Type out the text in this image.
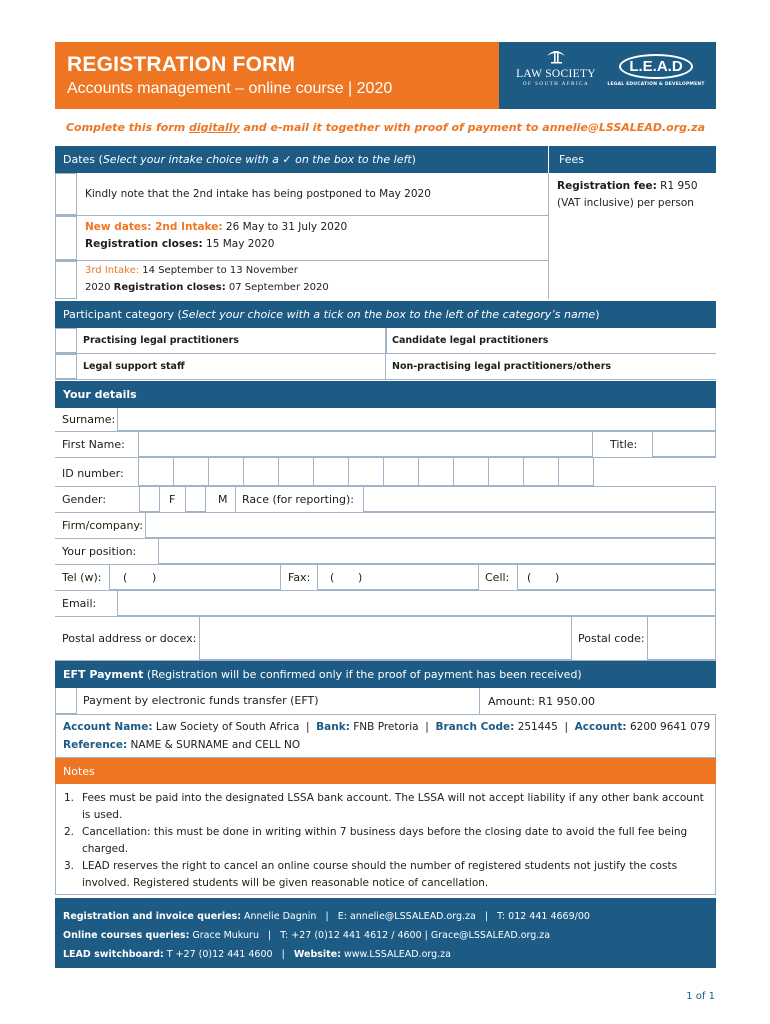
REGISTRATION FORM
Accounts management – online course | 2020
LAW SOCIETY
OF SOUTH AFRICA
L.E.A.D
LEGAL EDUCATION & DEVELOPMENT
Complete this form digitally and e-mail it together with proof of payment to annelie@LSSALEAD.org.za
Dates ( Select your intake choice with a ✓ on the box to the left )	Fees
Kindly note that the 2nd intake has being postponed to May 2020
New dates: 2nd Intake: 26 May to 31 July 2020
Registration closes: 15 May 2020
3rd Intake: 14 September to 13 November
2020 Registration closes: 07 September 2020
Registration fee: R1 950
(VAT inclusive) per person
Participant category ( Select your choice with a tick on the box to the left of the category’s name )
Practising legal practitioners	Candidate legal practitioners
Legal support staff	Non-practising legal practitioners/others
Your details
Surname:
First Name:	Title:
ID number:
Gender:	F	M Race (for reporting):
Firm/company:
Your position:
Tel (w): ( )	Fax: ( )	Cell: ( )
Email:
Postal address or docex:	Postal code:
EFT Payment (Registration will be confirmed only if the proof of payment has been received)
Payment by electronic funds transfer (EFT)	Amount: R1 950.00
Account Name: Law Society of South Africa  |  Bank: FNB Pretoria  |  Branch Code: 251445  |  Account: 6200 9641 079
Reference: NAME & SURNAME and CELL NO
Notes
1. Fees must be paid into the designated LSSA bank account. The LSSA will not accept liability if any other bank account is used.
2. Cancellation: this must be done in writing within 7 business days before the closing date to avoid the full fee being charged.
3. LEAD reserves the right to cancel an online course should the number of registered students not justify the costs involved. Registered students will be given reasonable notice of cancellation.
Registration and invoice queries: Annelie Dagnin   |   E: annelie@LSSALEAD.org.za   |   T: 012 441 4669/00
Online courses queries: Grace Mukuru   |   T: +27 (0)12 441 4612 / 4600 | Grace@LSSALEAD.org.za
LEAD switchboard: T +27 (0)12 441 4600   |   Website: www.LSSALEAD.org.za
1 of 1
